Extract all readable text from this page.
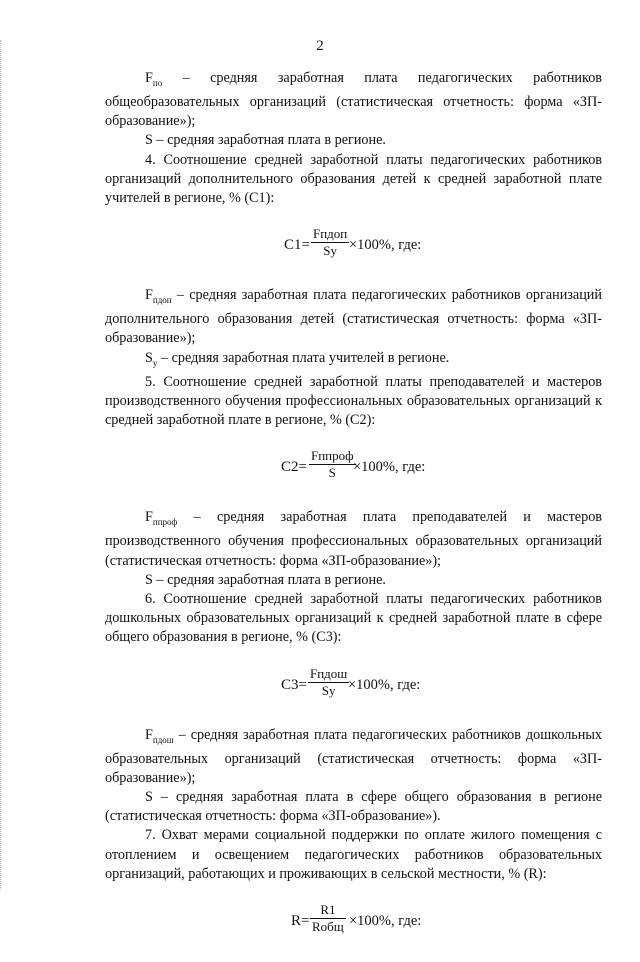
2

$F_{по}$ – средняя заработная плата педагогических работников общеобразовательных организаций (статистическая отчетность: форма «ЗП-образование»);

S – средняя заработная плата в регионе.

4. Соотношение средней заработной платы педагогических работников организаций дополнительного образования детей к средней заработной плате учителей в регионе, % (С1):

С1=
Fпдоп
Sу ×100%, где:

$F_{пдоп}$ – средняя заработная плата педагогических работников организаций дополнительного образования детей (статистическая отчетность: форма «ЗП-образование»);

$S_у$ – средняя заработная плата учителей в регионе.

5. Соотношение средней заработной платы преподавателей и мастеров производственного обучения профессиональных образовательных организаций к средней заработной плате в регионе, % (С2):

С2=
Fппроф
S	×100%, где:

$F_{ппроф}$ – средняя заработная плата преподавателей и мастеров производственного обучения профессиональных образовательных организаций (статистическая отчетность: форма «ЗП-образование»);

S – средняя заработная плата в регионе.

6. Соотношение средней заработной платы педагогических работников дошкольных образовательных организаций к средней заработной плате в сфере общего образования в регионе, % (С3):

С3=
Fпдош
Sу ×100%, где:

$F_{пдош}$ – средняя заработная плата педагогических работников дошкольных образовательных организаций (статистическая отчетность: форма «ЗП-образование»);

S – средняя заработная плата в сфере общего образования в регионе (статистическая отчетность: форма «ЗП-образование»).

7. Охват мерами социальной поддержки по оплате жилого помещения с отоплением и освещением педагогических работников образовательных организаций, работающих и проживающих в сельской местности, % (R):

R=
R1
Rобщ ×100%, где:
